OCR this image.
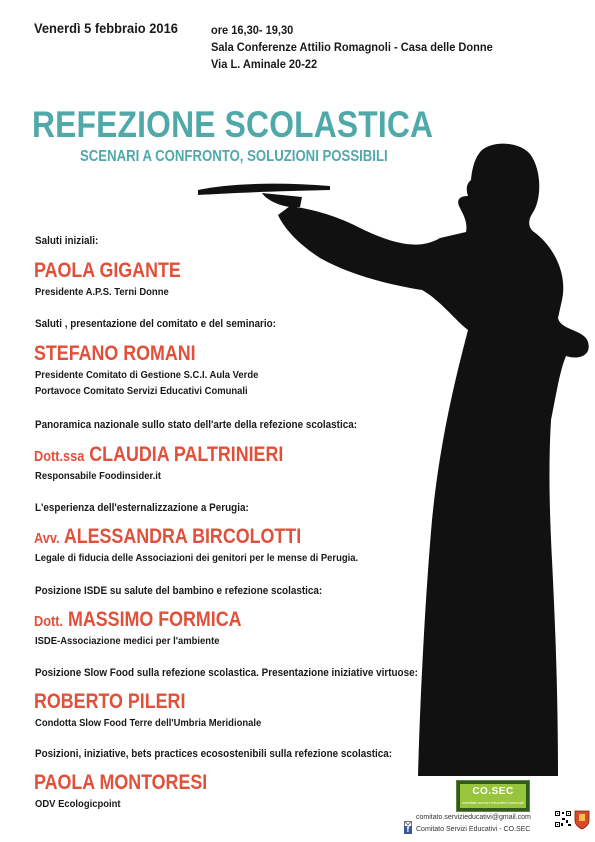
Venerdì 5 febbraio 2016	ore 16,30- 19,30
Sala Conferenze Attilio Romagnoli - Casa delle Donne
Via L. Aminale 20-22
REFEZIONE SCOLASTICA
SCENARI A CONFRONTO, SOLUZIONI POSSIBILI
Saluti iniziali:
PAOLA GIGANTE
Presidente A.P.S. Terni Donne
Saluti , presentazione del comitato e del seminario:
STEFANO ROMANI
Presidente Comitato di Gestione S.C.I. Aula Verde
Portavoce Comitato Servizi Educativi Comunali
Panoramica nazionale sullo stato dell'arte della refezione scolastica:
Dott.ssa CLAUDIA PALTRINIERI
Responsabile Foodinsider.it
L'esperienza dell'esternalizzazione a Perugia:
Avv. ALESSANDRA BIRCOLOTTI
Legale di fiducia delle Associazioni dei genitori per le mense di Perugia.
Posizione ISDE su salute del bambino e refezione scolastica:
Dott. MASSIMO FORMICA
ISDE-Associazione medici per l'ambiente
Posizione Slow Food sulla refezione scolastica. Presentazione iniziative virtuose:
ROBERTO PILERI
Condotta Slow Food Terre dell'Umbria Meridionale
Posizioni, iniziative, bets practices ecosostenibili sulla refezione scolastica:
PAOLA MONTORESI
ODV Ecologicpoint
CO.SEC
comitato servizi educativi comunali
comitato.servizieducativi@gmail.com
f Comitato Servizi Educativi - CO.SEC
